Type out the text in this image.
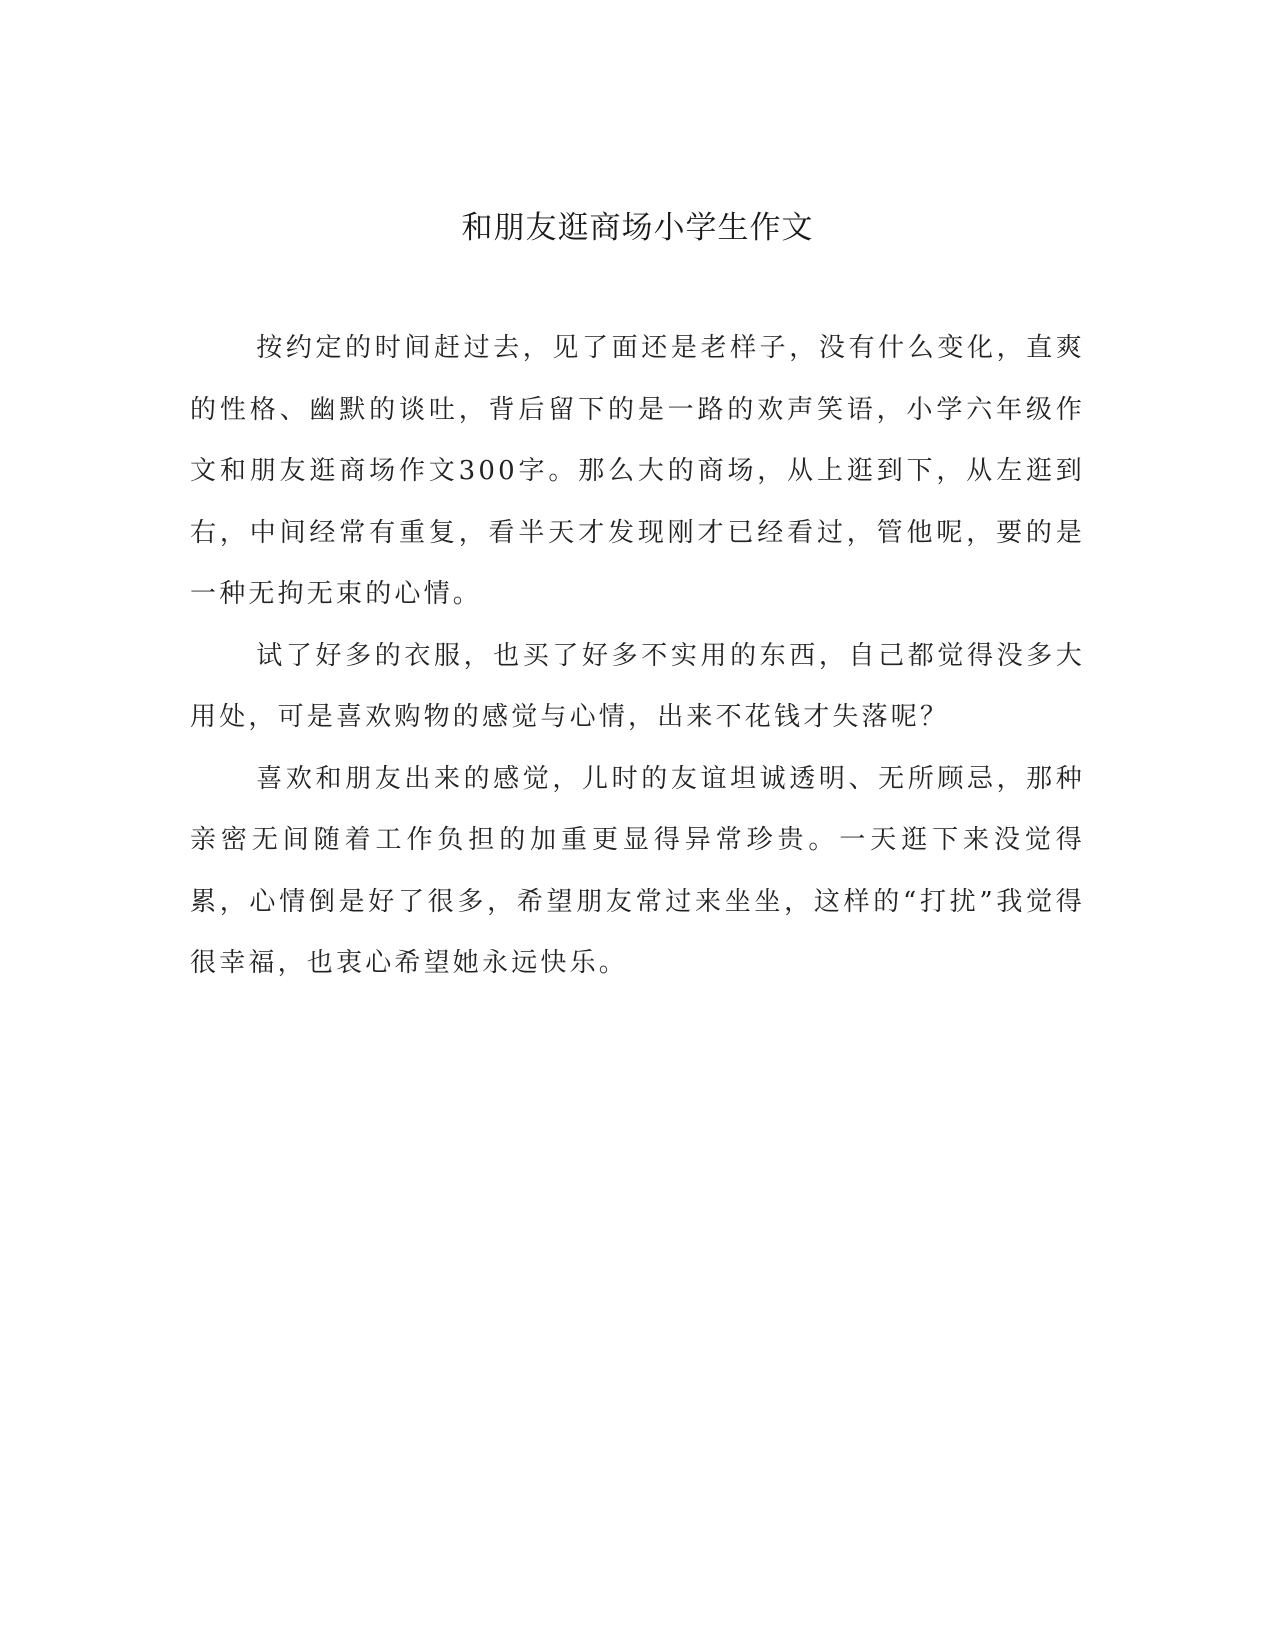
和朋友逛商场小学生作文

按约定的时间赶过去，见了面还是老样子，没有什么变化，直爽的性格、幽默的谈吐，背后留下的是一路的欢声笑语，小学六年级作文和朋友逛商场作文300字。那么大的商场，从上逛到下，从左逛到右，中间经常有重复，看半天才发现刚才已经看过，管他呢，要的是一种无拘无束的心情。

试了好多的衣服，也买了好多不实用的东西，自己都觉得没多大用处，可是喜欢购物的感觉与心情，出来不花钱才失落呢？

喜欢和朋友出来的感觉，儿时的友谊坦诚透明、无所顾忌，那种亲密无间随着工作负担的加重更显得异常珍贵。一天逛下来没觉得累，心情倒是好了很多，希望朋友常过来坐坐，这样的“打扰”我觉得很幸福，也衷心希望她永远快乐。
